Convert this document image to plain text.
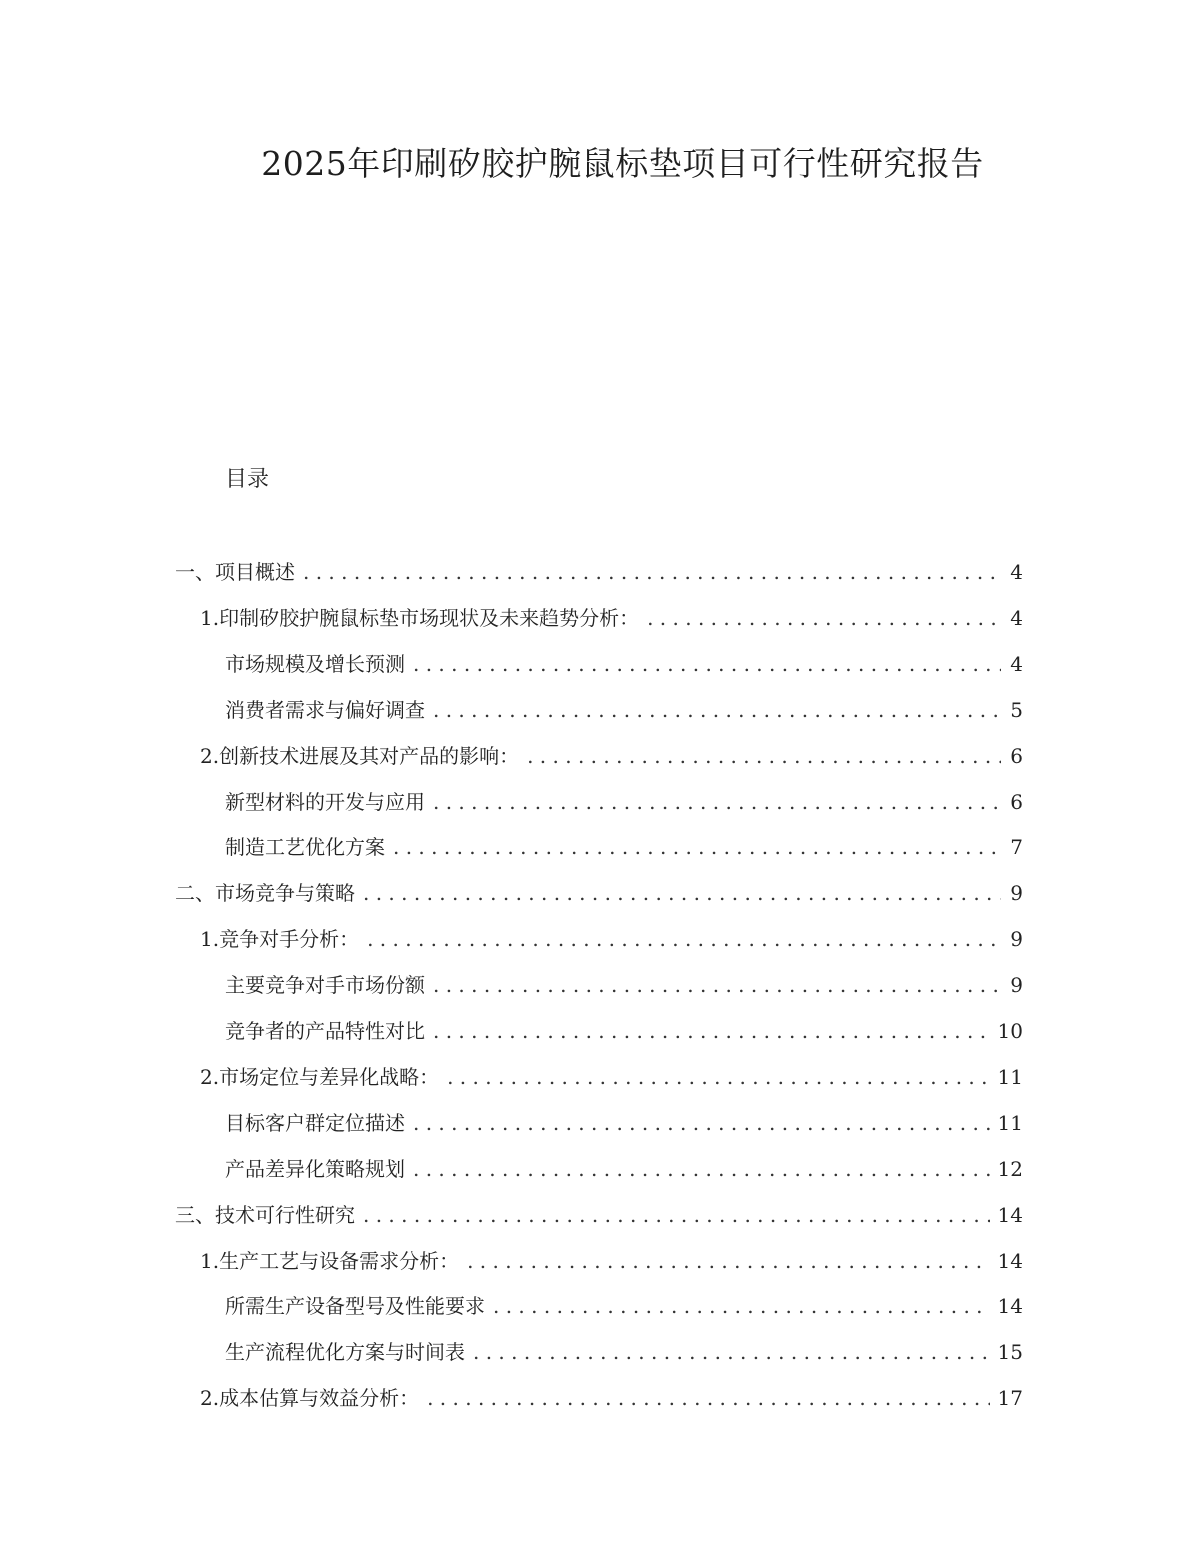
2025年印刷矽胶护腕鼠标垫项目可行性研究报告
目录
一、项目概述 . . .	4
1. 印制矽胶护腕鼠标垫市场现状及未来趋势分析： . . .	4
市场规模及增长预测 . . .	4
消费者需求与偏好调查 . . .	5
2. 创新技术进展及其对产品的影响： . . .	6
新型材料的开发与应用 . . .	6
制造工艺优化方案 . . .	7
二、市场竞争与策略 . . .	9
1. 竞争对手分析： . . .	9
主要竞争对手市场份额 . . .	9
竞争者的产品特性对比 . . .	10
2. 市场定位与差异化战略： . . .	11
目标客户群定位描述 . . .	11
产品差异化策略规划 . . .	12
三、技术可行性研究 . . .	14
1. 生产工艺与设备需求分析： . . .	14
所需生产设备型号及性能要求 . . .	14
生产流程优化方案与时间表 . . .	15
2. 成本估算与效益分析： . . .	17
